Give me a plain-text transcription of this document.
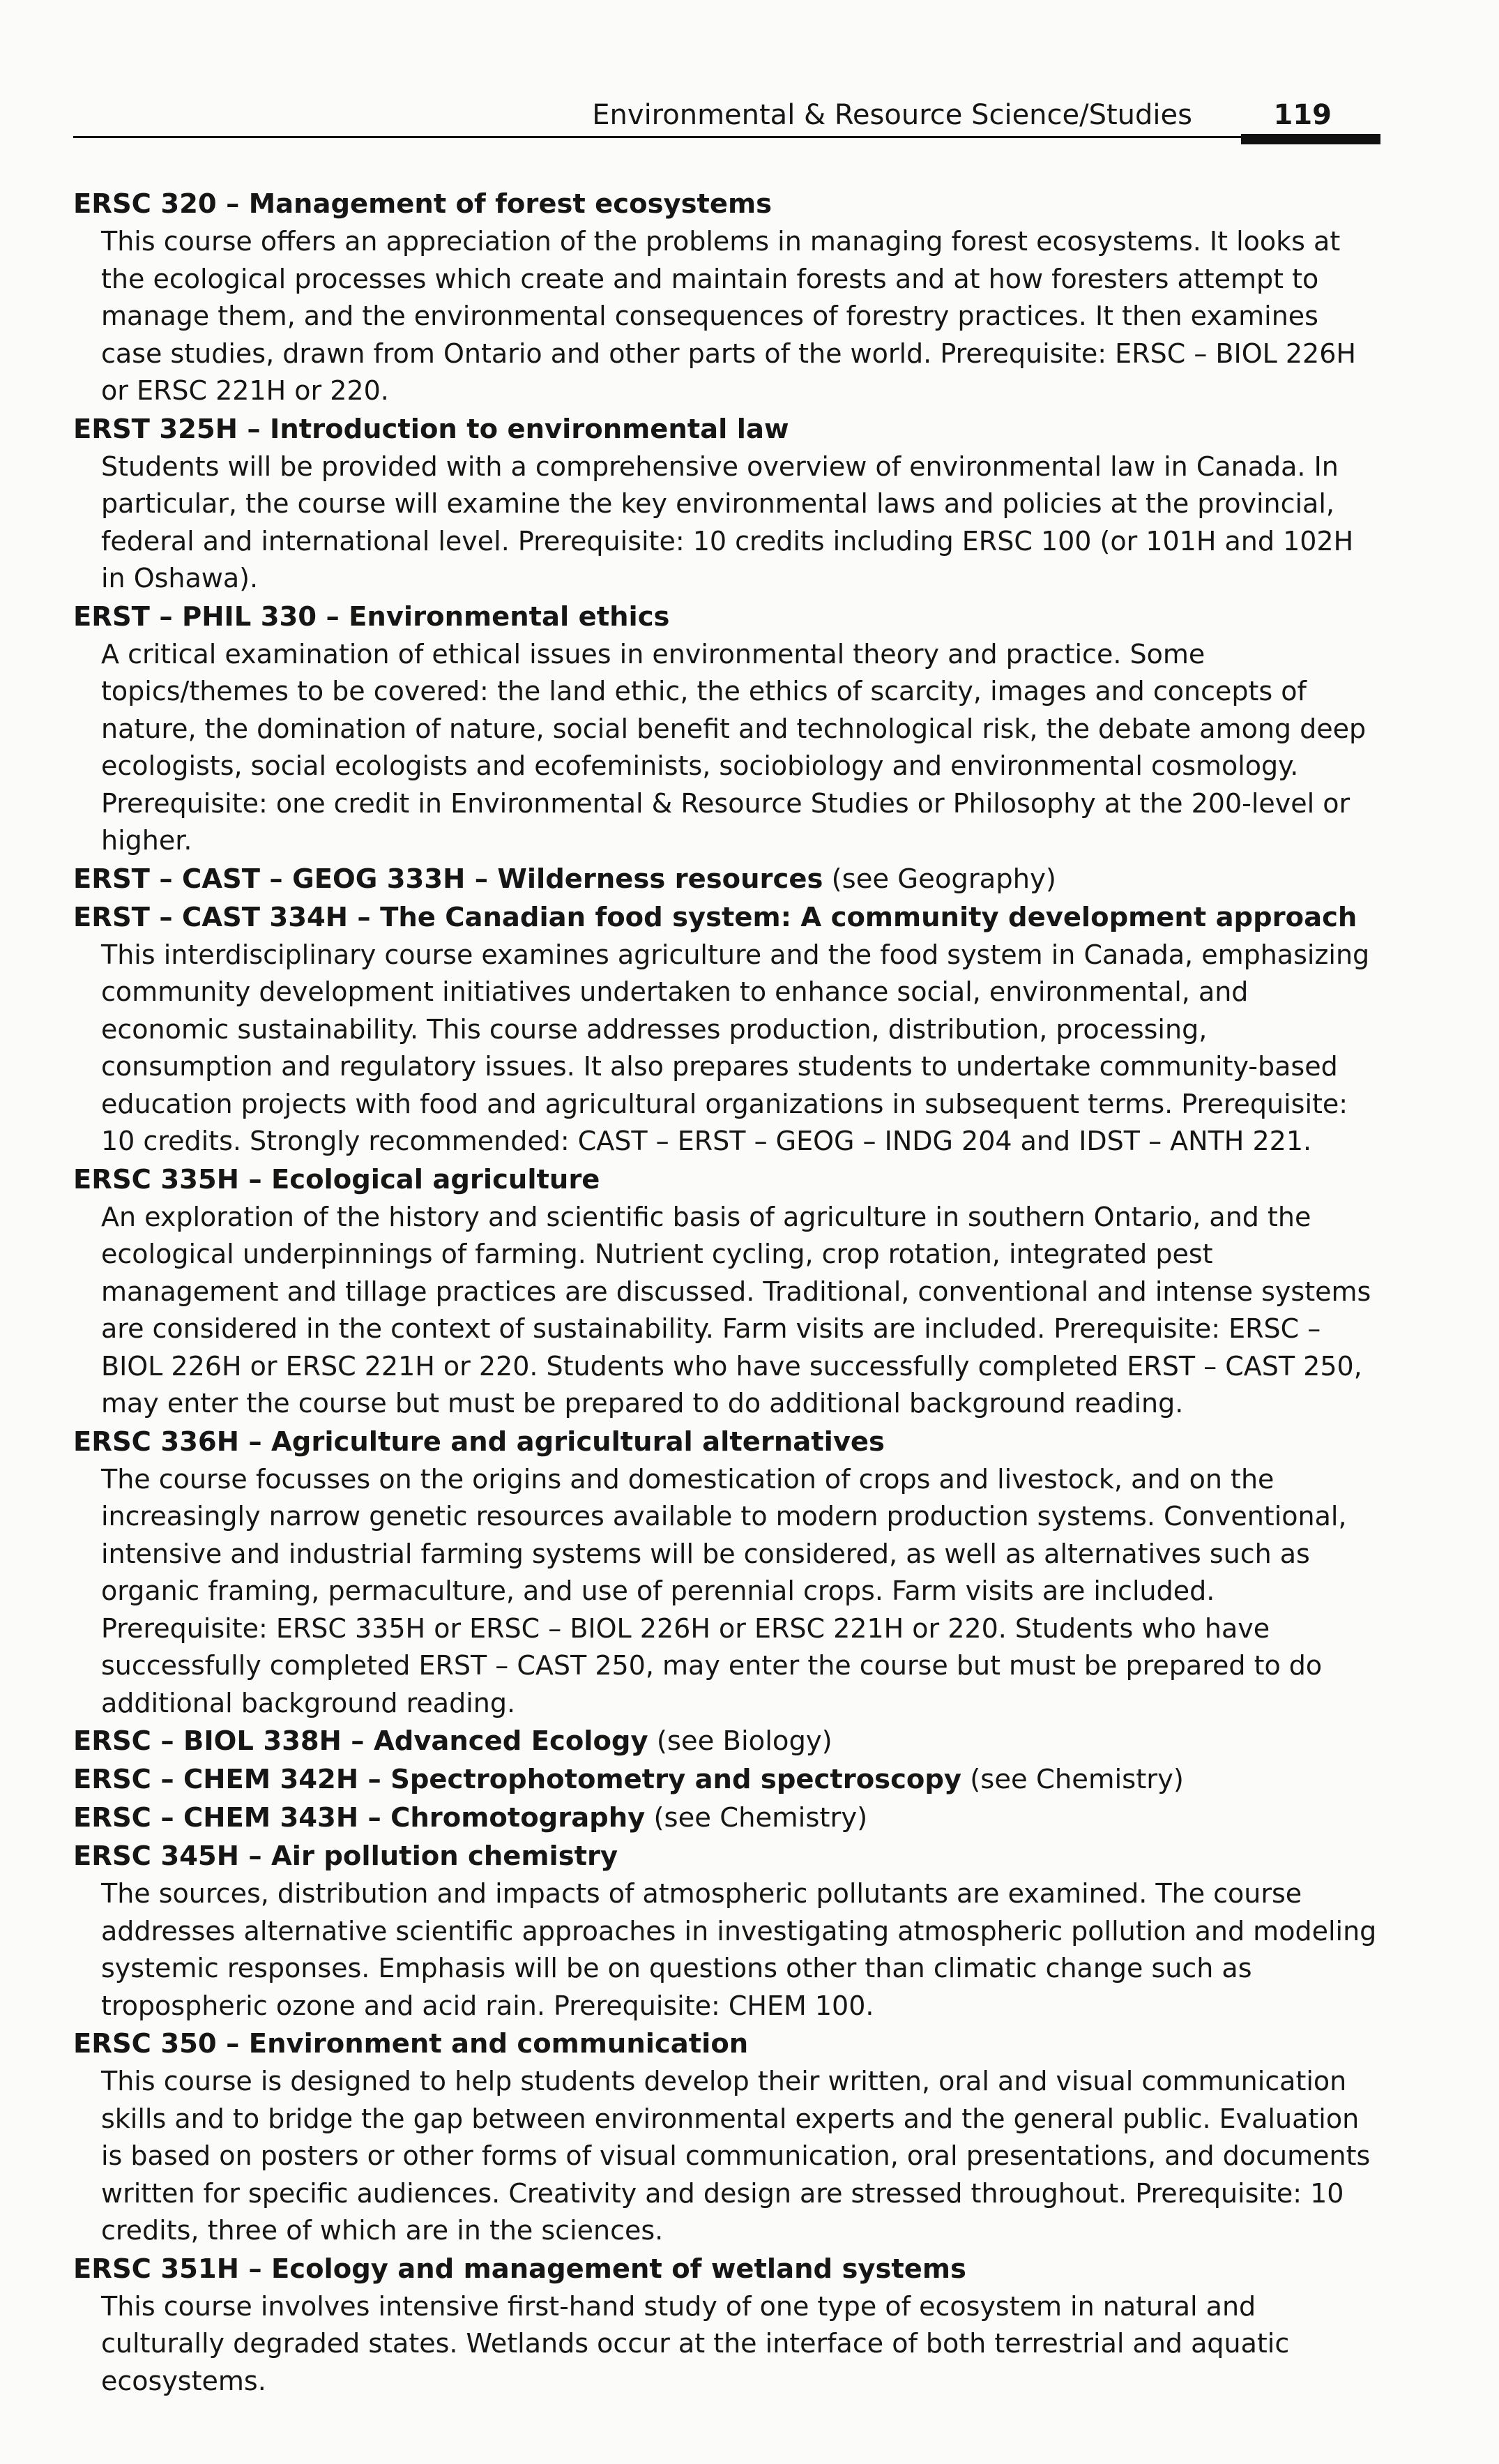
Environmental & Resource Science/Studies	119

ERSC 320 – Management of forest ecosystems

This course offers an appreciation of the problems in managing forest ecosystems. It looks at the ecological processes which create and maintain forests and at how foresters attempt to manage them, and the environmental consequences of forestry practices. It then examines case studies, drawn from Ontario and other parts of the world. Prerequisite: ERSC – BIOL 226H or ERSC 221H or 220.

ERST 325H – Introduction to environmental law

Students will be provided with a comprehensive overview of environmental law in Canada. In particular, the course will examine the key environmental laws and policies at the provincial, federal and international level. Prerequisite: 10 credits including ERSC 100 (or 101H and 102H in Oshawa).

ERST – PHIL 330 – Environmental ethics

A critical examination of ethical issues in environmental theory and practice. Some topics/themes to be covered: the land ethic, the ethics of scarcity, images and concepts of nature, the domination of nature, social benefit and technological risk, the debate among deep ecologists, social ecologists and ecofeminists, sociobiology and environmental cosmology. Prerequisite: one credit in Environmental & Resource Studies or Philosophy at the 200-level or higher.

ERST – CAST – GEOG 333H – Wilderness resources (see Geography)

ERST – CAST 334H – The Canadian food system: A community development approach

This interdisciplinary course examines agriculture and the food system in Canada, emphasizing community development initiatives undertaken to enhance social, environmental, and economic sustainability. This course addresses production, distribution, processing, consumption and regulatory issues. It also prepares students to undertake community-based education projects with food and agricultural organizations in subsequent terms. Prerequisite: 10 credits. Strongly recommended: CAST – ERST – GEOG – INDG 204 and IDST – ANTH 221.

ERSC 335H – Ecological agriculture

An exploration of the history and scientific basis of agriculture in southern Ontario, and the ecological underpinnings of farming. Nutrient cycling, crop rotation, integrated pest management and tillage practices are discussed. Traditional, conventional and intense systems are considered in the context of sustainability. Farm visits are included. Prerequisite: ERSC – BIOL 226H or ERSC 221H or 220. Students who have successfully completed ERST – CAST 250, may enter the course but must be prepared to do additional background reading.

ERSC 336H – Agriculture and agricultural alternatives

The course focusses on the origins and domestication of crops and livestock, and on the increasingly narrow genetic resources available to modern production systems. Conventional, intensive and industrial farming systems will be considered, as well as alternatives such as organic framing, permaculture, and use of perennial crops. Farm visits are included. Prerequisite: ERSC 335H or ERSC – BIOL 226H or ERSC 221H or 220. Students who have successfully completed ERST – CAST 250, may enter the course but must be prepared to do additional background reading.

ERSC – BIOL 338H – Advanced Ecology (see Biology)

ERSC – CHEM 342H – Spectrophotometry and spectroscopy (see Chemistry)

ERSC – CHEM 343H – Chromotography (see Chemistry)

ERSC 345H – Air pollution chemistry

The sources, distribution and impacts of atmospheric pollutants are examined. The course addresses alternative scientific approaches in investigating atmospheric pollution and modeling systemic responses. Emphasis will be on questions other than climatic change such as tropospheric ozone and acid rain. Prerequisite: CHEM 100.

ERSC 350 – Environment and communication

This course is designed to help students develop their written, oral and visual communication skills and to bridge the gap between environmental experts and the general public. Evaluation is based on posters or other forms of visual communication, oral presentations, and documents written for specific audiences. Creativity and design are stressed throughout. Prerequisite: 10 credits, three of which are in the sciences.

ERSC 351H – Ecology and management of wetland systems

This course involves intensive first-hand study of one type of ecosystem in natural and culturally degraded states. Wetlands occur at the interface of both terrestrial and aquatic ecosystems.
